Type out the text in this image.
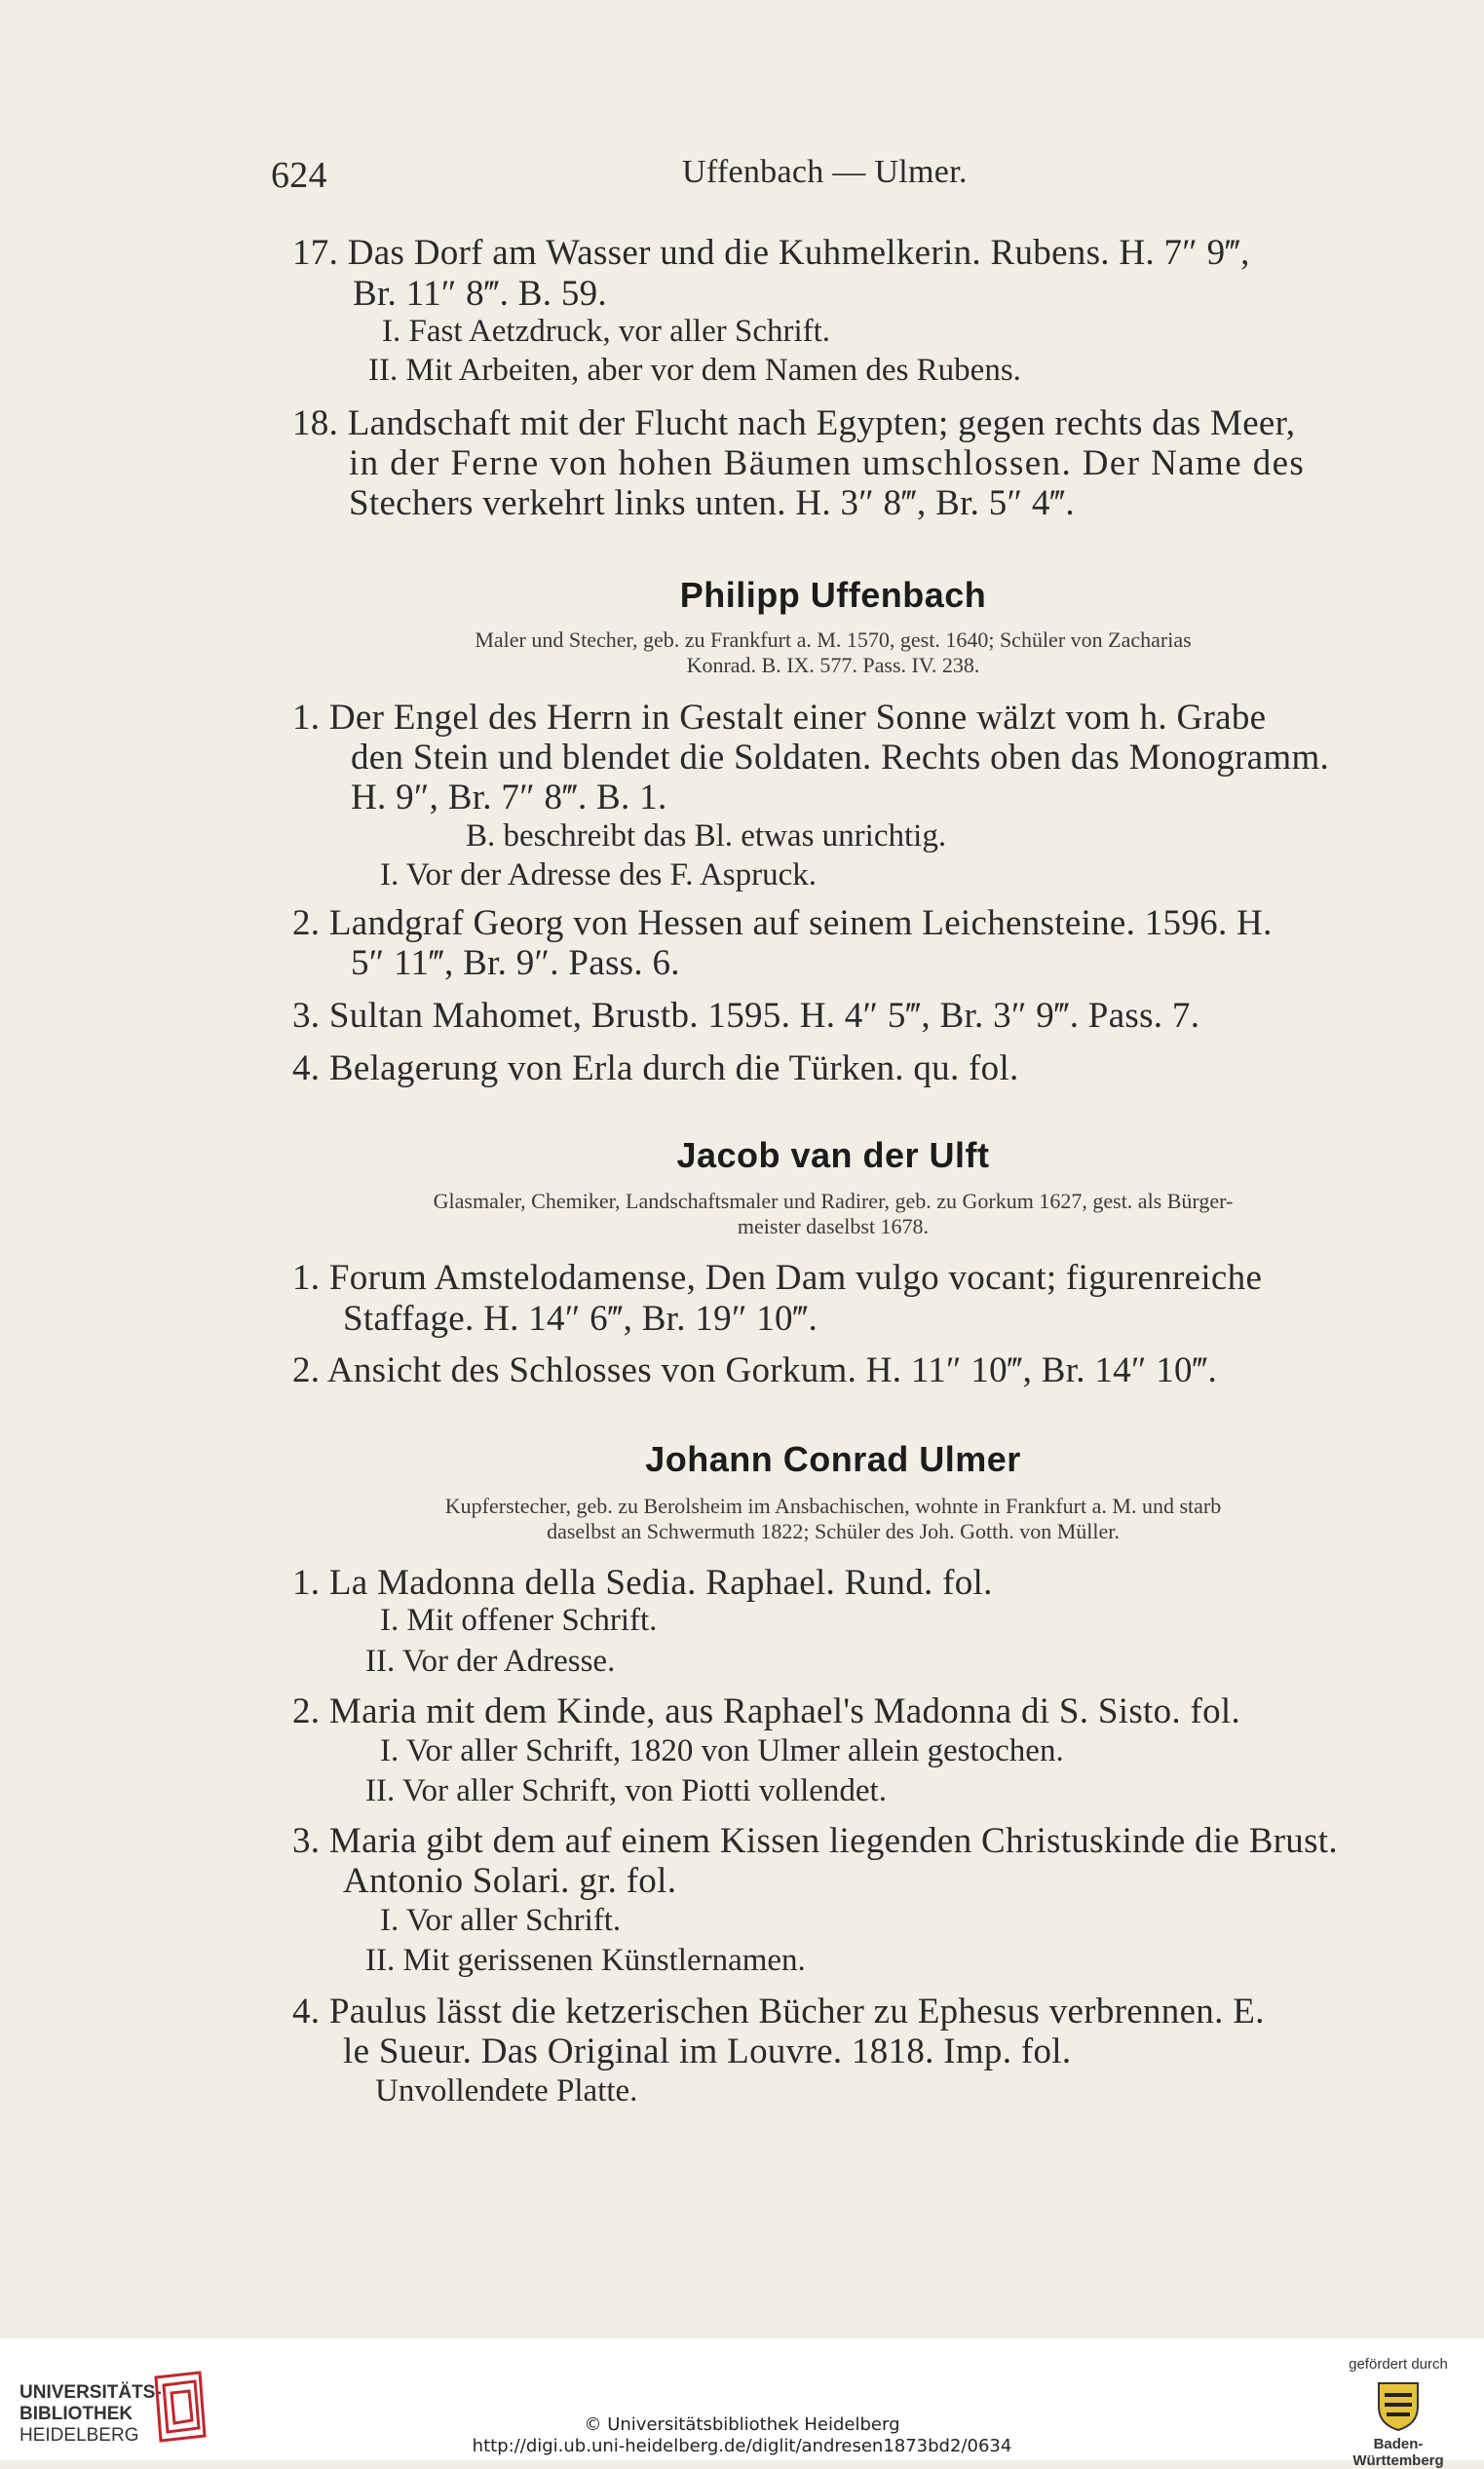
624	Uffenbach — Ulmer.
17. Das Dorf am Wasser und die Kuhmelkerin. Rubens. H. 7″ 9‴,
Br. 11″ 8‴. B. 59.
I. Fast Aetzdruck, vor aller Schrift.
II. Mit Arbeiten, aber vor dem Namen des Rubens.
18. Landschaft mit der Flucht nach Egypten; gegen rechts das Meer,
in der Ferne von hohen Bäumen umschlossen. Der Name des
Stechers verkehrt links unten. H. 3″ 8‴, Br. 5″ 4‴.
Philipp Uffenbach
Maler und Stecher, geb. zu Frankfurt a. M. 1570, gest. 1640; Schüler von Zacharias
Konrad. B. IX. 577. Pass. IV. 238.
1. Der Engel des Herrn in Gestalt einer Sonne wälzt vom h. Grabe
den Stein und blendet die Soldaten. Rechts oben das Monogramm.
H. 9″, Br. 7″ 8‴. B. 1.
B. beschreibt das Bl. etwas unrichtig.
I. Vor der Adresse des F. Aspruck.
2. Landgraf Georg von Hessen auf seinem Leichensteine. 1596. H.
5″ 11‴, Br. 9″. Pass. 6.
3. Sultan Mahomet, Brustb. 1595. H. 4″ 5‴, Br. 3″ 9‴. Pass. 7.
4. Belagerung von Erla durch die Türken. qu. fol.
Jacob van der Ulft
Glasmaler, Chemiker, Landschaftsmaler und Radirer, geb. zu Gorkum 1627, gest. als Bürger-
meister daselbst 1678.
1. Forum Amstelodamense, Den Dam vulgo vocant; figurenreiche
Staffage. H. 14″ 6‴, Br. 19″ 10‴.
2. Ansicht des Schlosses von Gorkum. H. 11″ 10‴, Br. 14″ 10‴.
Johann Conrad Ulmer
Kupferstecher, geb. zu Berolsheim im Ansbachischen, wohnte in Frankfurt a. M. und starb
daselbst an Schwermuth 1822; Schüler des Joh. Gotth. von Müller.
1. La Madonna della Sedia. Raphael. Rund. fol.
I. Mit offener Schrift.
II. Vor der Adresse.
2. Maria mit dem Kinde, aus Raphael's Madonna di S. Sisto. fol.
I. Vor aller Schrift, 1820 von Ulmer allein gestochen.
II. Vor aller Schrift, von Piotti vollendet.
3. Maria gibt dem auf einem Kissen liegenden Christuskinde die Brust.
Antonio Solari. gr. fol.
I. Vor aller Schrift.
II. Mit gerissenen Künstlernamen.
4. Paulus lässt die ketzerischen Bücher zu Ephesus verbrennen. E.
le Sueur. Das Original im Louvre. 1818. Imp. fol.
Unvollendete Platte.
UNIVERSITÄTS-
BIBLIOTHEK
HEIDELBERG
© Universitätsbibliothek Heidelberg
http://digi.ub.uni-heidelberg.de/diglit/andresen1873bd2/0634
gefördert durch
Baden-Württemberg
